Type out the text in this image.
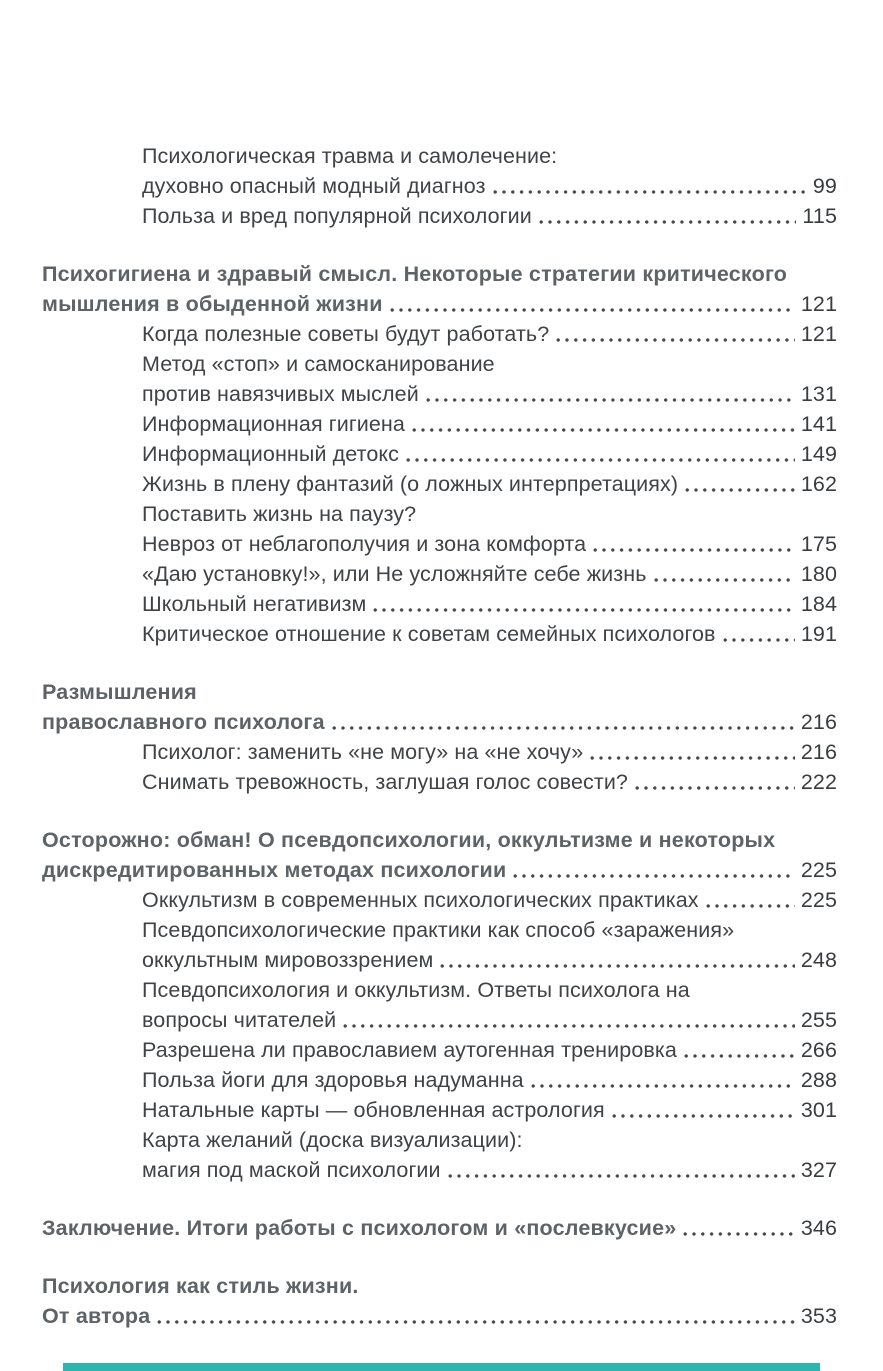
Психологическая травма и самолечение:
духовно опасный модный диагноз	99
Польза и вред популярной психологии	115
Психогигиена и здравый смысл. Некоторые стратегии критического
мышления в обыденной жизни	121
Когда полезные советы будут работать?	121
Метод «стоп» и самосканирование
против навязчивых мыслей	131
Информационная гигиена	141
Информационный детокс	149
Жизнь в плену фантазий (о ложных интерпретациях)	162
Поставить жизнь на паузу?
Невроз от неблагополучия и зона комфорта	175
«Даю установку!», или Не усложняйте себе жизнь	180
Школьный негативизм	184
Критическое отношение к советам семейных психологов	191
Размышления
православного психолога	216
Психолог: заменить «не могу» на «не хочу»	216
Снимать тревожность, заглушая голос совести?	222
Осторожно: обман! О псевдопсихологии, оккультизме и некоторых
дискредитированных методах психологии	225
Оккультизм в современных психологических практиках	225
Псевдопсихологические практики как способ «заражения»
оккультным мировоззрением	248
Псевдопсихология и оккультизм. Ответы психолога на
вопросы читателей	255
Разрешена ли православием аутогенная тренировка	266
Польза йоги для здоровья надуманна	288
Натальные карты — обновленная астрология	301
Карта желаний (доска визуализации):
магия под маской психологии	327
Заключение. Итоги работы с психологом и «послевкусие»	346
Психология как стиль жизни.
От автора	353
